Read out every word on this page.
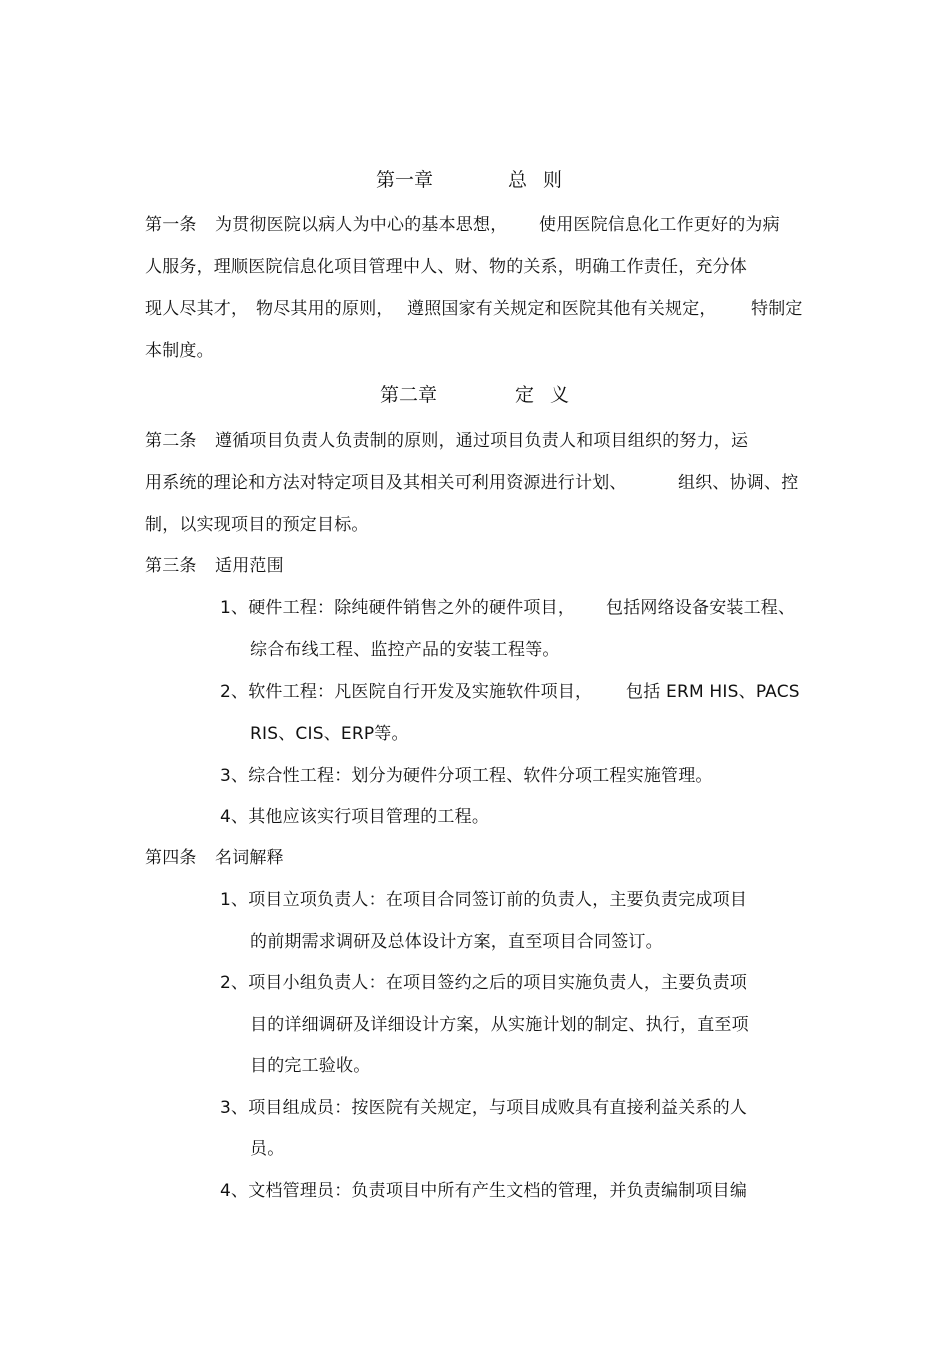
第一章	总则
第一条 为贯彻医院以病人为中心的基本思想， 使用医院信息化工作更好的为病
人服务，理顺医院信息化项目管理中人、财、物的关系，明确工作责任，充分体
现人尽其才， 物尽其用的原则， 遵照国家有关规定和医院其他有关规定， 特制定
本制度。
第二章	定义
第二条 遵循项目负责人负责制的原则，通过项目负责人和项目组织的努力，运
用系统的理论和方法对特定项目及其相关可利用资源进行计划、	组织、协调、控
制，以实现项目的预定目标。
第三条 适用范围
1、硬件工程：除纯硬件销售之外的硬件项目， 包括网络设备安装工程、
综合布线工程、监控产品的安装工程等。
2、软件工程：凡医院自行开发及实施软件项目， 包括 ERM HIS、PACS
RIS、CIS、ERP等。
3、综合性工程：划分为硬件分项工程、软件分项工程实施管理。
4、其他应该实行项目管理的工程。
第四条 名词解释
1、项目立项负责人：在项目合同签订前的负责人，主要负责完成项目
的前期需求调研及总体设计方案，直至项目合同签订。
2、项目小组负责人：在项目签约之后的项目实施负责人，主要负责项
目的详细调研及详细设计方案，从实施计划的制定、执行，直至项
目的完工验收。
3、项目组成员：按医院有关规定，与项目成败具有直接利益关系的人
员。
4、文档管理员：负责项目中所有产生文档的管理，并负责编制项目编
